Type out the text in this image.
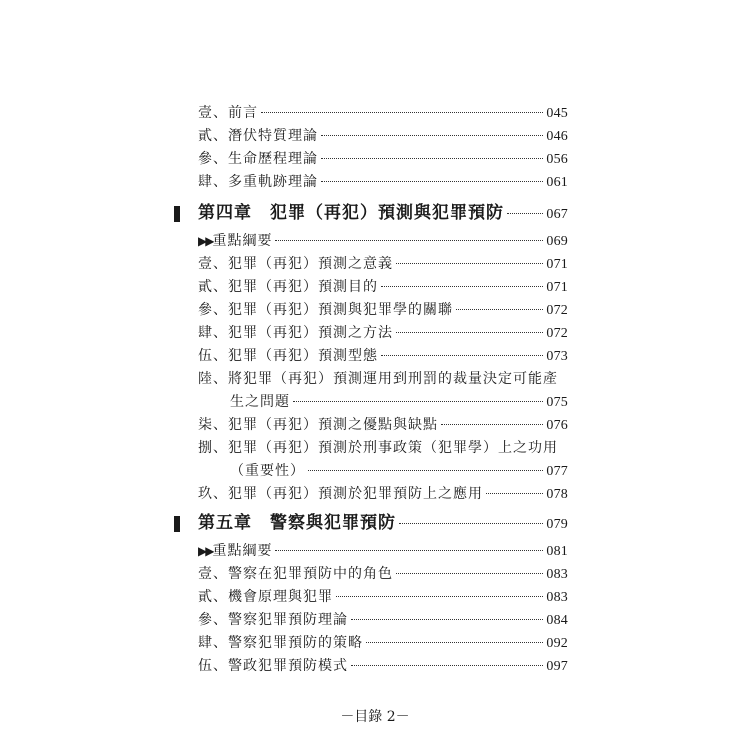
壹、前言	045
貳、潛伏特質理論	046
參、生命歷程理論	056
肆、多重軌跡理論	061
第四章　犯罪（再犯）預測與犯罪預防	067
▶▶ 重點綱要	069
壹、犯罪（再犯）預測之意義	071
貳、犯罪（再犯）預測目的	071
參、犯罪（再犯）預測與犯罪學的關聯	072
肆、犯罪（再犯）預測之方法	072
伍、犯罪（再犯）預測型態	073
陸、將犯罪（再犯）預測運用到刑罰的裁量決定可能產
生之問題	075
柒、犯罪（再犯）預測之優點與缺點	076
捌、犯罪（再犯）預測於刑事政策（犯罪學）上之功用
（重要性）	077
玖、犯罪（再犯）預測於犯罪預防上之應用	078
第五章　警察與犯罪預防	079
▶▶ 重點綱要	081
壹、警察在犯罪預防中的角色	083
貳、機會原理與犯罪	083
參、警察犯罪預防理論	084
肆、警察犯罪預防的策略	092
伍、警政犯罪預防模式	097
－目錄 2－
